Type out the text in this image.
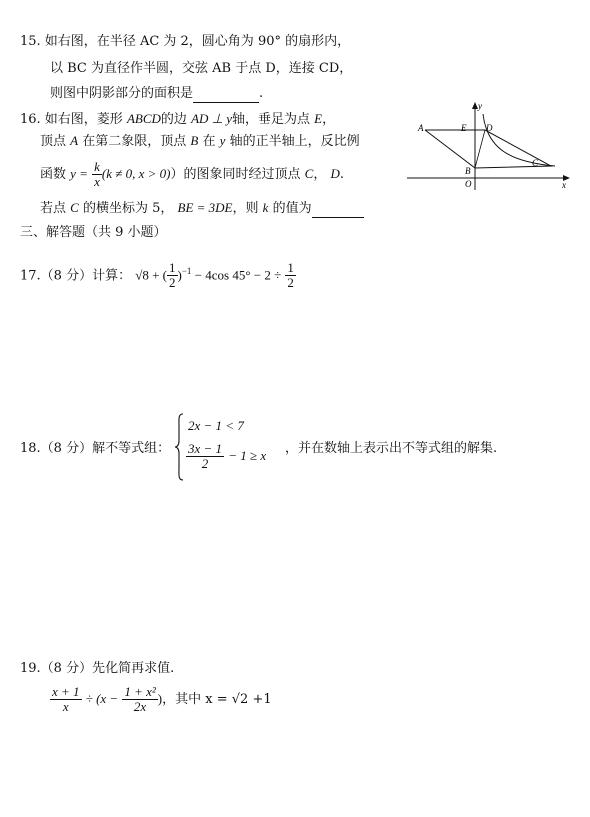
15. 如右图，在半径 AC 为 2，圆心角为 90° 的扇形内，
以 BC 为直径作半圆，交弦 AB 于点 D，连接 CD，
则图中阴影部分的面积是	.
16. 如右图，菱形 ABCD的边 AD ⊥ y轴，垂足为点 E，
顶点 A 在第二象限，顶点 B 在 y 轴的正半轴上，反比例
函数 $y = \frac{k}{x} (k \ne 0$, x > 0)）的图象同时经过顶点 C， D.
若点 C 的横坐标为 5， BE = 3DE，则 k 的值为
A	E D
C
B
O	x
y
三、解答题（共 9 小题）
17.（8 分）计算： √8 + ( $\frac{1}{2} )^{-1} - 4\cos$ $45^\circ - 2 \div \frac{1}{2}$
18.（8 分）解不等式组：
2x − 1 < 7
$\frac{3x - 1}{2} - 1 \ge x$ ，并在数轴上表示出不等式组的解集.
19.（8 分）先化简再求值.
$\frac{x + 1}{x} \div (x - \frac{\text{1 + x²}}{2x}$ )，其中 x = √2 +1
